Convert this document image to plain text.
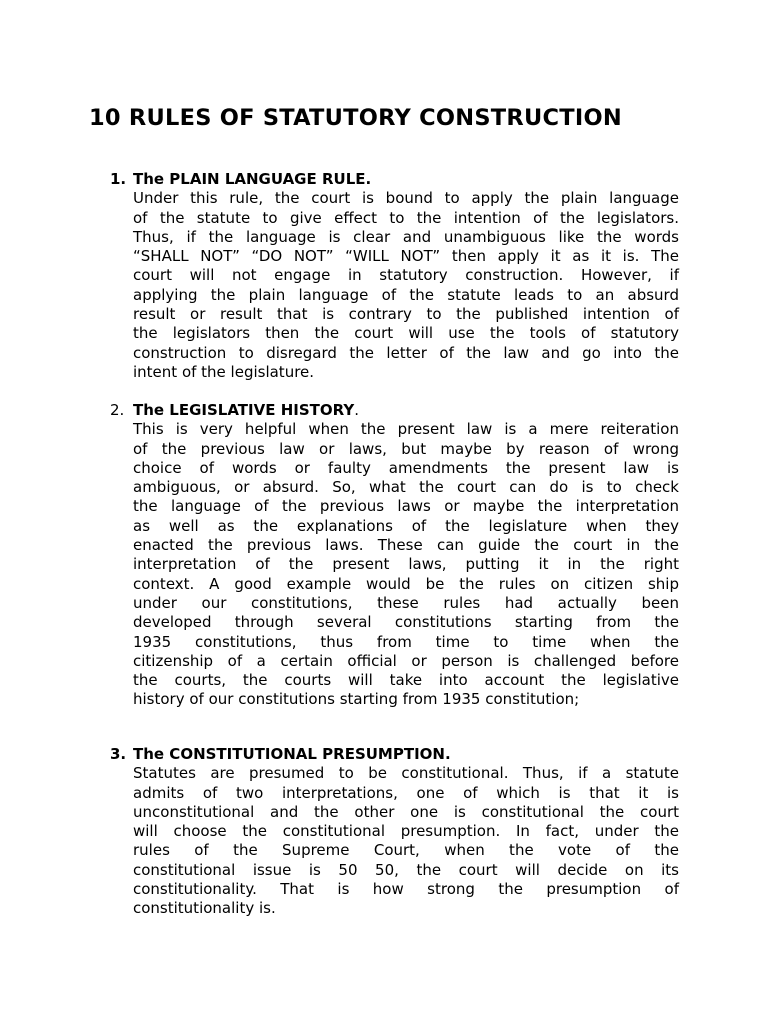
10 RULES OF STATUTORY CONSTRUCTION
1. The PLAIN LANGUAGE RULE.
Under this rule, the court is bound to apply the plain language
of the statute to give effect to the intention of the legislators.
Thus, if the language is clear and unambiguous like the words
“SHALL NOT” “DO NOT” “WILL NOT” then apply it as it is. The
court will not engage in statutory construction. However, if
applying the plain language of the statute leads to an absurd
result or result that is contrary to the published intention of
the legislators then the court will use the tools of statutory
construction to disregard the letter of the law and go into the
intent of the legislature.
2. The LEGISLATIVE HISTORY.
This is very helpful when the present law is a mere reiteration
of the previous law or laws, but maybe by reason of wrong
choice of words or faulty amendments the present law is
ambiguous, or absurd. So, what the court can do is to check
the language of the previous laws or maybe the interpretation
as well as the explanations of the legislature when they
enacted the previous laws. These can guide the court in the
interpretation of the present laws, putting it in the right
context. A good example would be the rules on citizen ship
under our constitutions, these rules had actually been
developed through several constitutions starting from the
1935 constitutions, thus from time to time when the
citizenship of a certain official or person is challenged before
the courts, the courts will take into account the legislative
history of our constitutions starting from 1935 constitution;
3. The CONSTITUTIONAL PRESUMPTION.
Statutes are presumed to be constitutional. Thus, if a statute
admits of two interpretations, one of which is that it is
unconstitutional and the other one is constitutional the court
will choose the constitutional presumption. In fact, under the
rules of the Supreme Court, when the vote of the
constitutional issue is 50 50, the court will decide on its
constitutionality. That is how strong the presumption of
constitutionality is.
